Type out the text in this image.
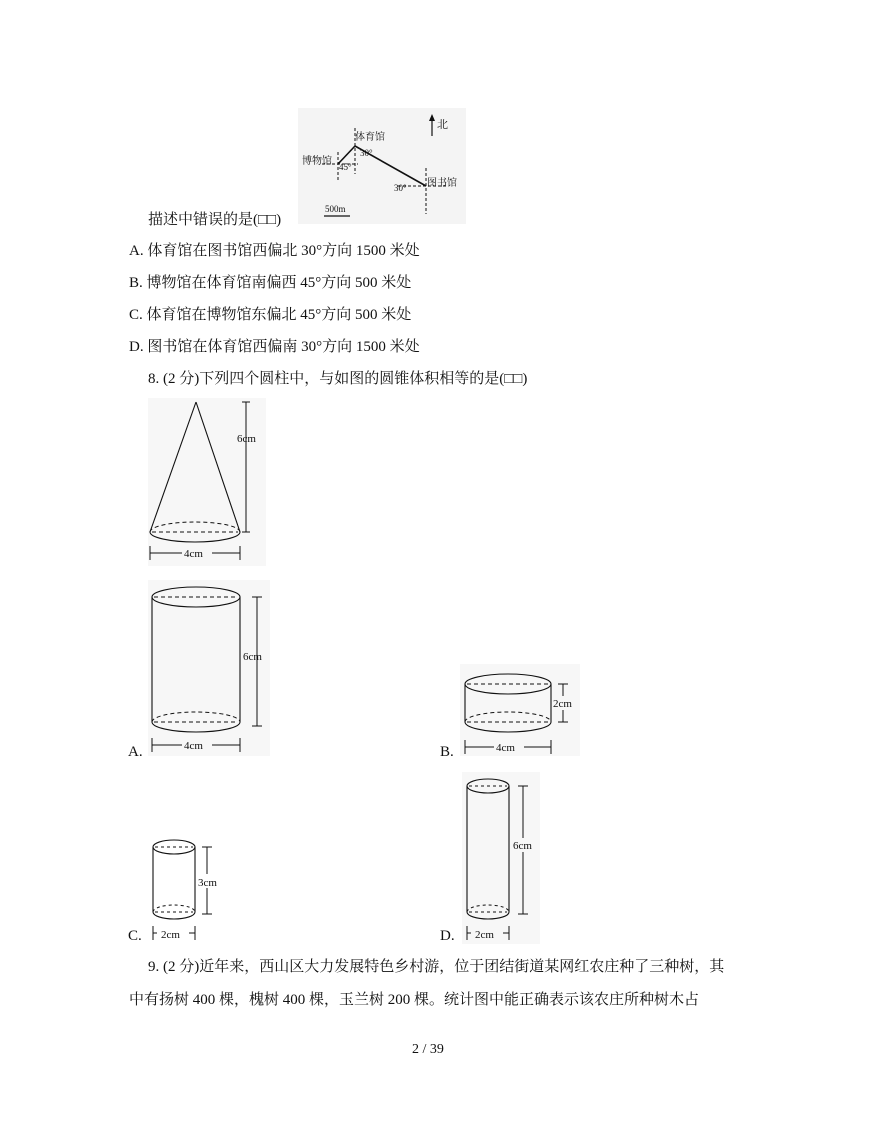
北
体育馆
博物馆
图书馆
30°
45°
30°
500m
描述中错误的是(□□)
A. 体育馆在图书馆西偏北 30°方向 1500 米处
B. 博物馆在体育馆南偏西 45°方向 500 米处
C. 体育馆在博物馆东偏北 45°方向 500 米处
D. 图书馆在体育馆西偏南 30°方向 1500 米处
8. (2 分)下列四个圆柱中，与如图的圆锥体积相等的是(□□)
6cm
4cm
6cm
4cm
A.
2cm
4cm
B.
3cm
2cm
C.
6cm
2cm
D.
9. (2 分)近年来，西山区大力发展特色乡村游，位于团结街道某网红农庄种了三种树，其
中有扬树 400 棵，槐树 400 棵，玉兰树 200 棵。统计图中能正确表示该农庄所种树木占
2 / 39
